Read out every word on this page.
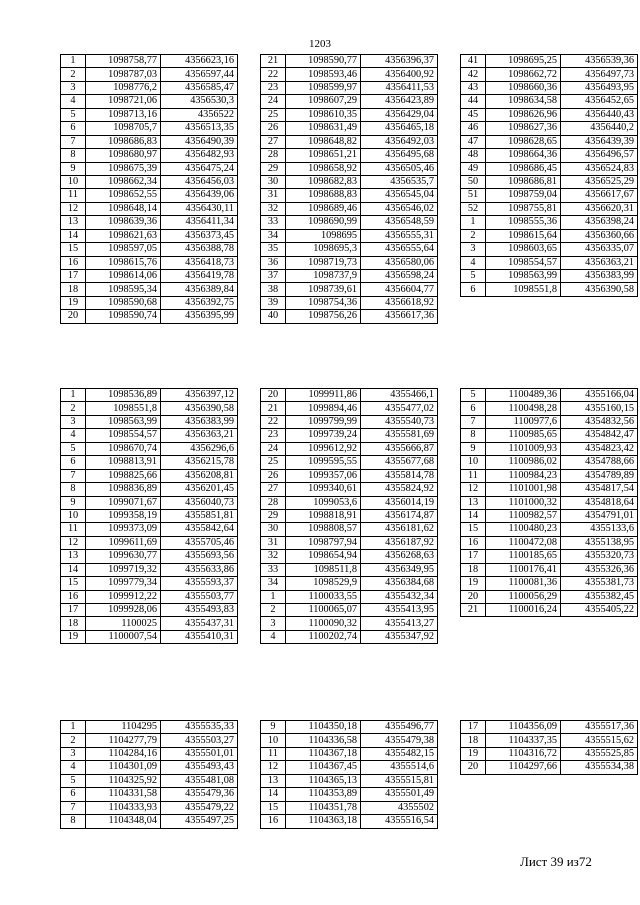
1203
1	1098758,77	4356623,16
2	1098787,03	4356597,44
3	1098776,2	4356585,47
4	1098721,06	4356530,3
5	1098713,16	4356522
6	1098705,7	4356513,35
7	1098686,83	4356490,39
8	1098680,97	4356482,93
9	1098675,39	4356475,24
10	1098662,34	4356456,03
11	1098652,55	4356439,06
12	1098648,14	4356430,11
13	1098639,36	4356411,34
14	1098621,63	4356373,45
15	1098597,05	4356388,78
16	1098615,76	4356418,73
17	1098614,06	4356419,78
18	1098595,34	4356389,84
19	1098590,68	4356392,75
20	1098590,74	4356395,99
21	1098590,77	4356396,37
22	1098593,46	4356400,92
23	1098599,97	4356411,53
24	1098607,29	4356423,89
25	1098610,35	4356429,04
26	1098631,49	4356465,18
27	1098648,82	4356492,03
28	1098651,21	4356495,68
29	1098658,92	4356505,46
30	1098682,83	4356535,7
31	1098688,83	4356545,04
32	1098689,46	4356546,02
33	1098690,99	4356548,59
34	1098695	4356555,31
35	1098695,3	4356555,64
36	1098719,73	4356580,06
37	1098737,9	4356598,24
38	1098739,61	4356604,77
39	1098754,36	4356618,92
40	1098756,26	4356617,36
41	1098695,25	4356539,36
42	1098662,72	4356497,73
43	1098660,36	4356493,95
44	1098634,58	4356452,65
45	1098626,96	4356440,43
46	1098627,36	4356440,2
47	1098628,65	4356439,39
48	1098664,36	4356496,57
49	1098686,45	4356524,83
50	1098686,81	4356525,29
51	1098759,04	4356617,67
52	1098755,81	4356620,31
1	1098555,36	4356398,24
2	1098615,64	4356360,66
3	1098603,65	4356335,07
4	1098554,57	4356363,21
5	1098563,99	4356383,99
6	1098551,8	4356390,58
1	1098536,89	4356397,12
2	1098551,8	4356390,58
3	1098563,99	4356383,99
4	1098554,57	4356363,21
5	1098670,74	4356296,6
6	1098813,91	4356215,78
7	1098825,66	4356208,81
8	1098836,89	4356201,45
9	1099071,67	4356040,73
10	1099358,19	4355851,81
11	1099373,09	4355842,64
12	1099611,69	4355705,46
13	1099630,77	4355693,56
14	1099719,32	4355633,86
15	1099779,34	4355593,37
16	1099912,22	4355503,77
17	1099928,06	4355493,83
18	1100025	4355437,31
19	1100007,54	4355410,31
20	1099911,86	4355466,1
21	1099894,46	4355477,02
22	1099799,99	4355540,73
23	1099739,24	4355581,69
24	1099612,92	4355666,87
25	1099595,55	4355677,68
26	1099357,06	4355814,78
27	1099340,61	4355824,92
28	1099053,6	4356014,19
29	1098818,91	4356174,87
30	1098808,57	4356181,62
31	1098797,94	4356187,92
32	1098654,94	4356268,63
33	1098511,8	4356349,95
34	1098529,9	4356384,68
1	1100033,55	4355432,34
2	1100065,07	4355413,95
3	1100090,32	4355413,27
4	1100202,74	4355347,92
5	1100489,36	4355166,04
6	1100498,28	4355160,15
7	1100977,6	4354832,56
8	1100985,65	4354842,47
9	1101009,93	4354823,42
10	1100986,02	4354788,66
11	1100984,23	4354789,89
12	1101001,98	4354817,54
13	1101000,32	4354818,64
14	1100982,57	4354791,01
15	1100480,23	4355133,6
16	1100472,08	4355138,95
17	1100185,65	4355320,73
18	1100176,41	4355326,36
19	1100081,36	4355381,73
20	1100056,29	4355382,45
21	1100016,24	4355405,22
1	1104295	4355535,33
2	1104277,79	4355503,27
3	1104284,16	4355501,01
4	1104301,09	4355493,43
5	1104325,92	4355481,08
6	1104331,58	4355479,36
7	1104333,93	4355479,22
8	1104348,04	4355497,25
9	1104350,18	4355496,77
10	1104336,58	4355479,38
11	1104367,18	4355482,15
12	1104367,45	4355514,6
13	1104365,13	4355515,81
14	1104353,89	4355501,49
15	1104351,78	4355502
16	1104363,18	4355516,54
17	1104356,09	4355517,36
18	1104337,35	4355515,62
19	1104316,72	4355525,85
20	1104297,66	4355534,38
Лист 39 из72
